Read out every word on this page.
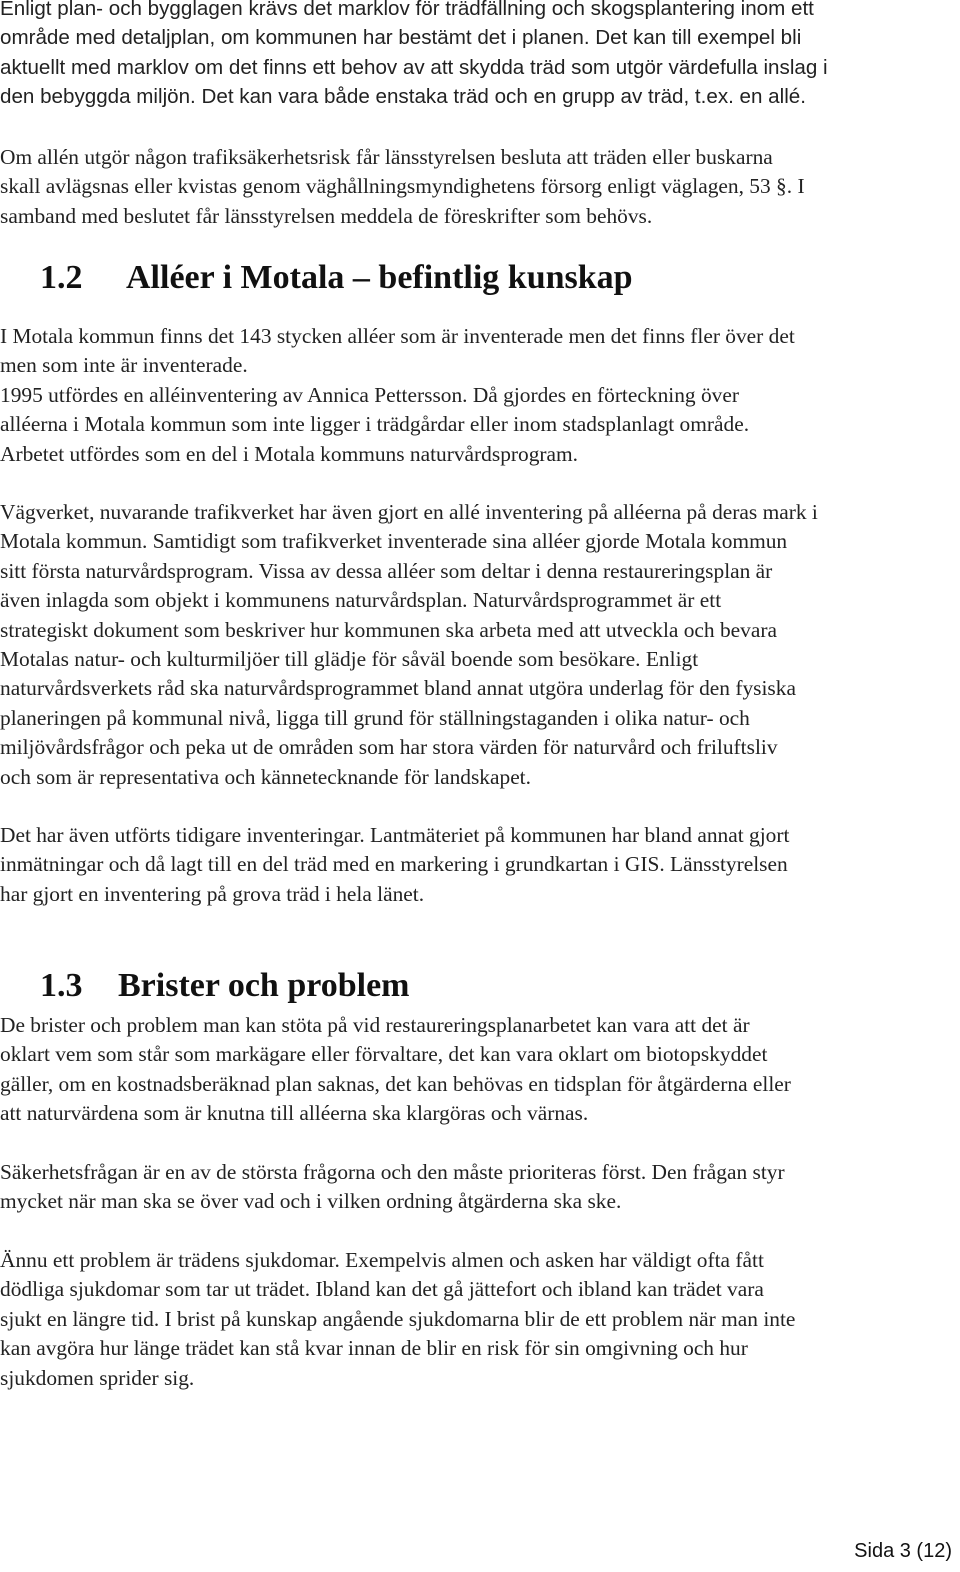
Enligt plan- och bygglagen krävs det marklov för trädfällning och skogsplantering inom ett
område med detaljplan, om kommunen har bestämt det i planen. Det kan till exempel bli
aktuellt med marklov om det finns ett behov av att skydda träd som utgör värdefulla inslag i
den bebyggda miljön. Det kan vara både enstaka träd och en grupp av träd, t.ex. en allé.
Om allén utgör någon trafiksäkerhetsrisk får länsstyrelsen besluta att träden eller buskarna
skall avlägsnas eller kvistas genom väghållningsmyndighetens försorg enligt väglagen, 53 §. I
samband med beslutet får länsstyrelsen meddela de föreskrifter som behövs.
1.2 Alléer i Motala – befintlig kunskap
I Motala kommun finns det 143 stycken alléer som är inventerade men det finns fler över det
men som inte är inventerade.
1995 utfördes en alléinventering av Annica Pettersson. Då gjordes en förteckning över
alléerna i Motala kommun som inte ligger i trädgårdar eller inom stadsplanlagt område.
Arbetet utfördes som en del i Motala kommuns naturvårdsprogram.
Vägverket, nuvarande trafikverket har även gjort en allé inventering på alléerna på deras mark i
Motala kommun. Samtidigt som trafikverket inventerade sina alléer gjorde Motala kommun
sitt första naturvårdsprogram. Vissa av dessa alléer som deltar i denna restaureringsplan är
även inlagda som objekt i kommunens naturvårdsplan. Naturvårdsprogrammet är ett
strategiskt dokument som beskriver hur kommunen ska arbeta med att utveckla och bevara
Motalas natur- och kulturmiljöer till glädje för såväl boende som besökare. Enligt
naturvårdsverkets råd ska naturvårdsprogrammet bland annat utgöra underlag för den fysiska
planeringen på kommunal nivå, ligga till grund för ställningstaganden i olika natur- och
miljövårdsfrågor och peka ut de områden som har stora värden för naturvård och friluftsliv
och som är representativa och kännetecknande för landskapet.
Det har även utförts tidigare inventeringar. Lantmäteriet på kommunen har bland annat gjort
inmätningar och då lagt till en del träd med en markering i grundkartan i GIS. Länsstyrelsen
har gjort en inventering på grova träd i hela länet.
1.3 Brister och problem
De brister och problem man kan stöta på vid restaureringsplanarbetet kan vara att det är
oklart vem som står som markägare eller förvaltare, det kan vara oklart om biotopskyddet
gäller, om en kostnadsberäknad plan saknas, det kan behövas en tidsplan för åtgärderna eller
att naturvärdena som är knutna till alléerna ska klargöras och värnas.
Säkerhetsfrågan är en av de största frågorna och den måste prioriteras först. Den frågan styr
mycket när man ska se över vad och i vilken ordning åtgärderna ska ske.
Ännu ett problem är trädens sjukdomar. Exempelvis almen och asken har väldigt ofta fått
dödliga sjukdomar som tar ut trädet. Ibland kan det gå jättefort och ibland kan trädet vara
sjukt en längre tid. I brist på kunskap angående sjukdomarna blir de ett problem när man inte
kan avgöra hur länge trädet kan stå kvar innan de blir en risk för sin omgivning och hur
sjukdomen sprider sig.
Sida 3 (12)
